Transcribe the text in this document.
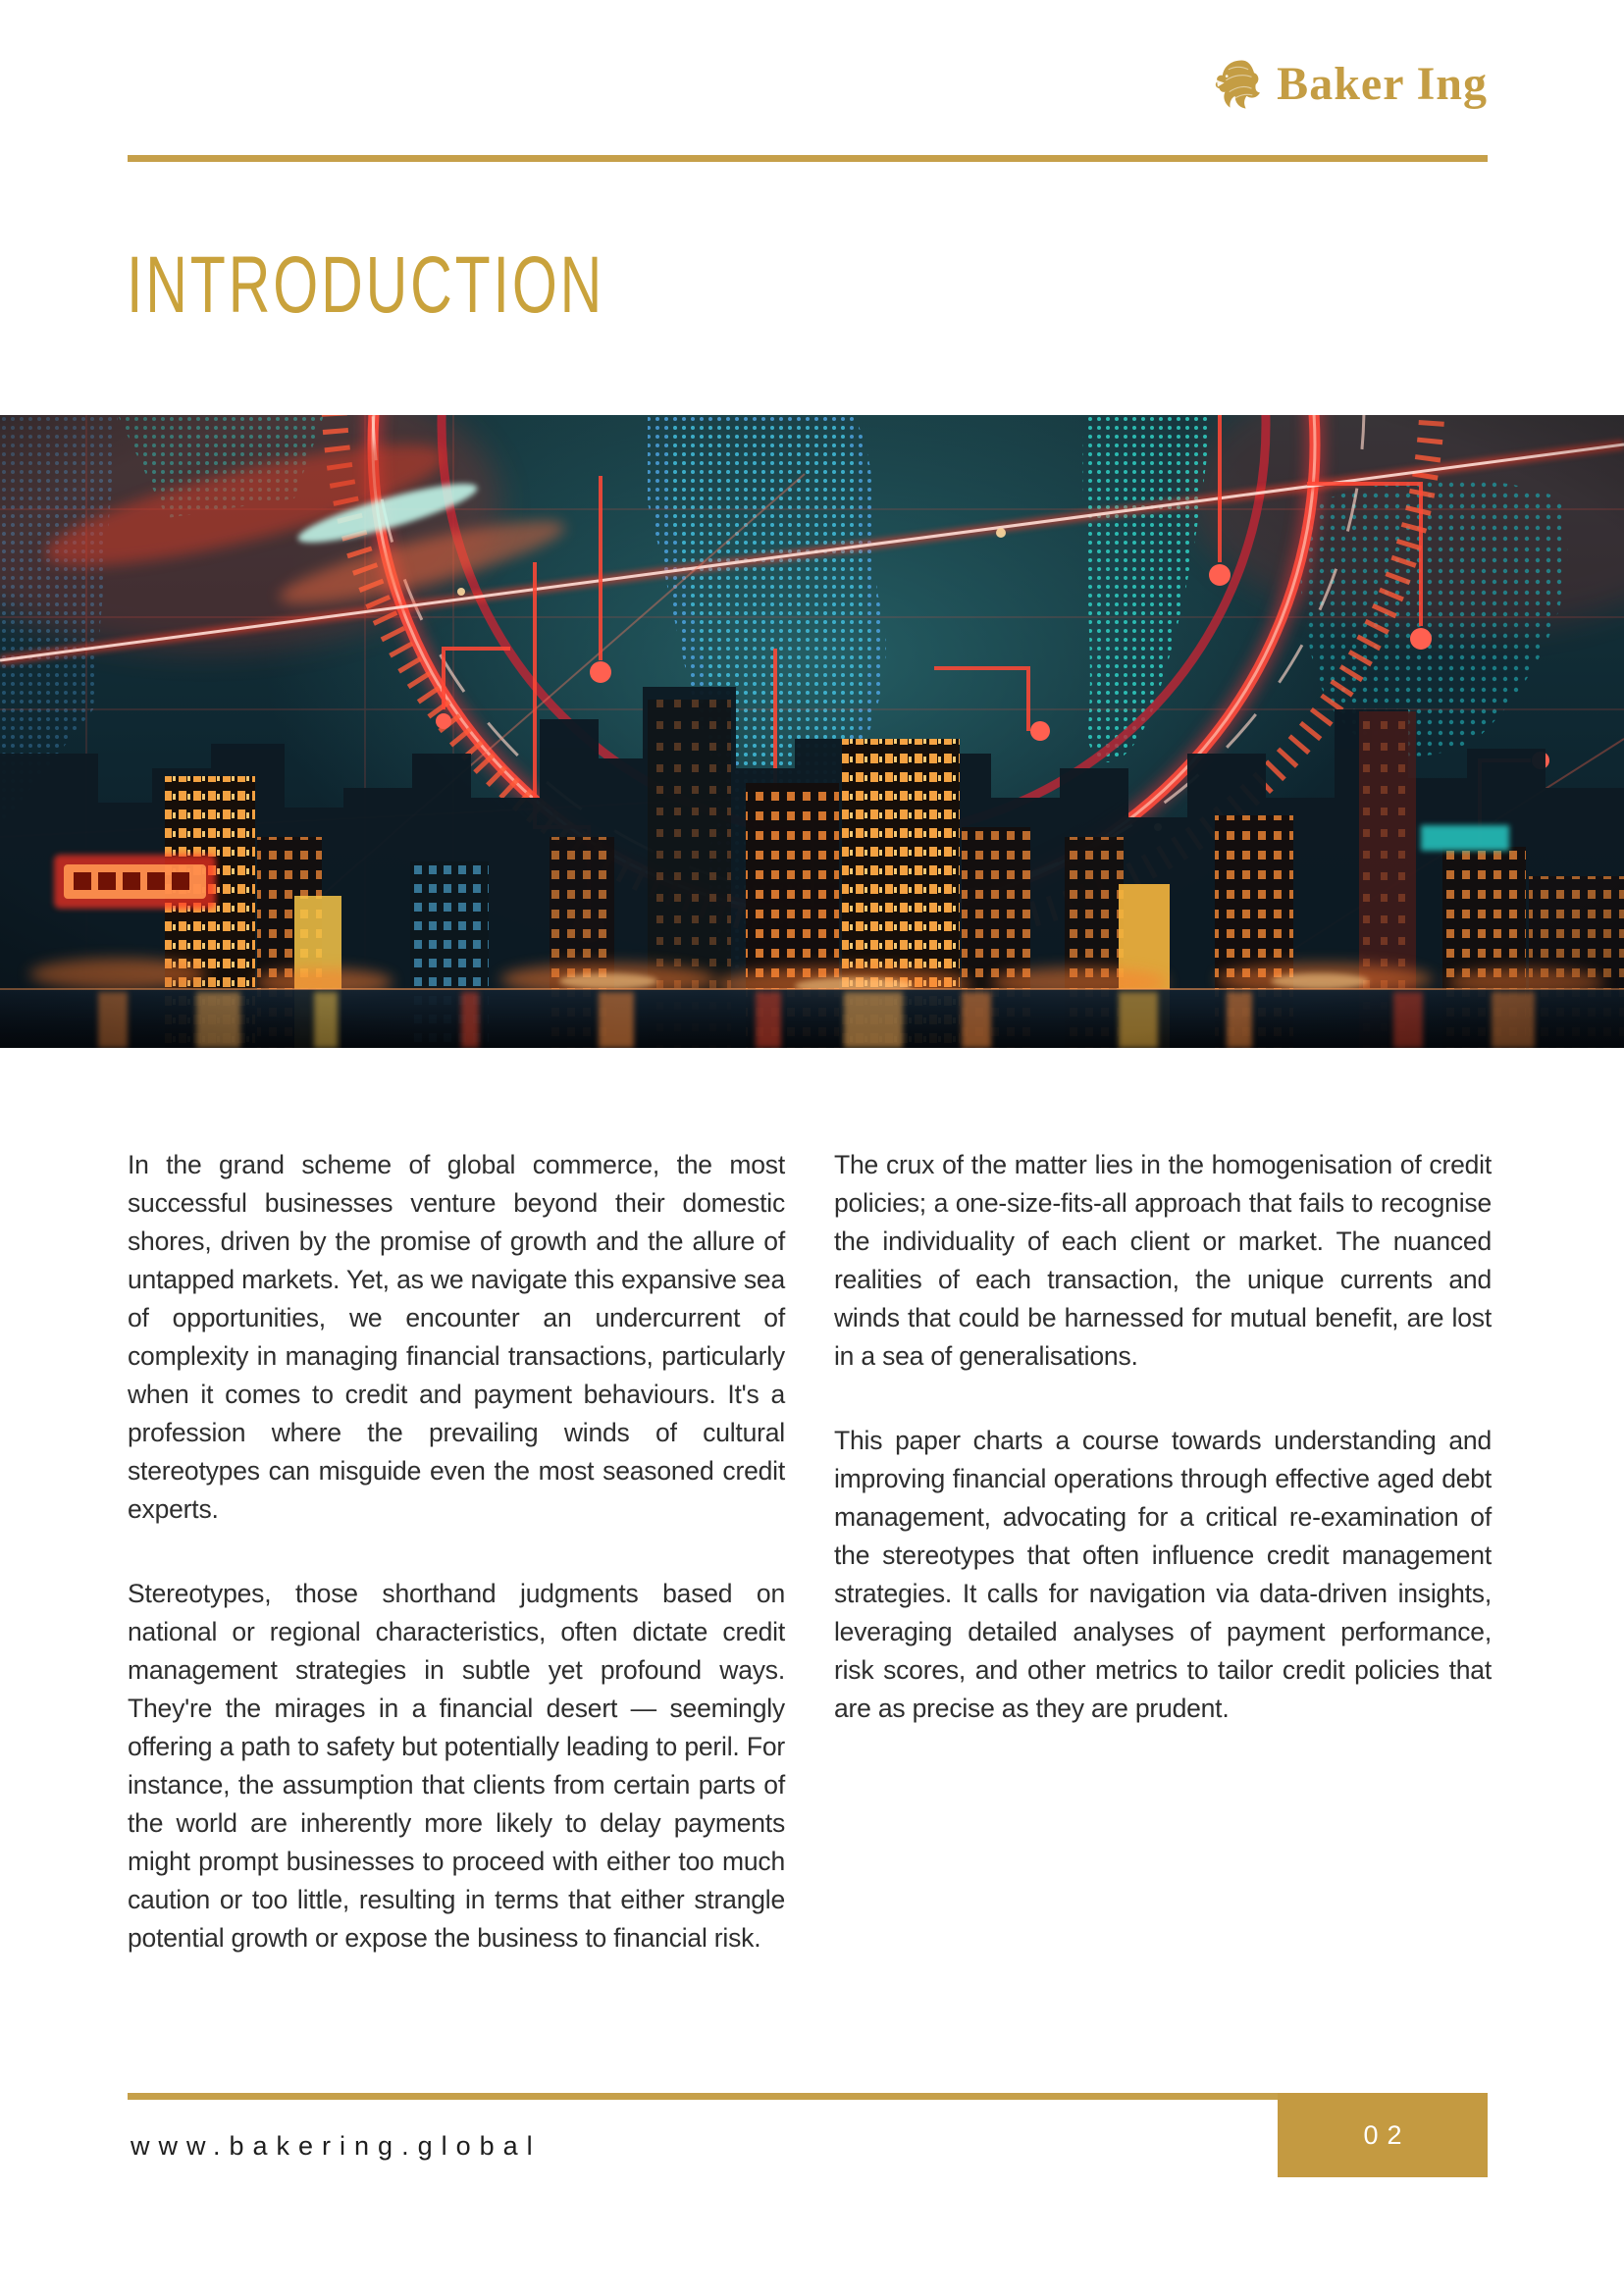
Baker Ing
INTRODUCTION

In the grand scheme of global commerce, the most successful businesses venture beyond their domestic shores, driven by the promise of growth and the allure of untapped markets. Yet, as we navigate this expansive sea of opportunities, we encounter an undercurrent of complexity in managing financial transactions, particularly when it comes to credit and payment behaviours. It's a profession where the prevailing winds of cultural stereotypes can misguide even the most seasoned credit experts.

Stereotypes, those shorthand judgments based on national or regional characteristics, often dictate credit management strategies in subtle yet profound ways. They're the mirages in a financial desert — seemingly offering a path to safety but potentially leading to peril. For instance, the assumption that clients from certain parts of the world are inherently more likely to delay payments might prompt businesses to proceed with either too much caution or too little, resulting in terms that either strangle potential growth or expose the business to financial risk.

The crux of the matter lies in the homogenisation of credit policies; a one-size-fits-all approach that fails to recognise the individuality of each client or market. The nuanced realities of each transaction, the unique currents and winds that could be harnessed for mutual benefit, are lost in a sea of generalisations.

This paper charts a course towards understanding and improving financial operations through effective aged debt management, advocating for a critical re-examination of the stereotypes that often influence credit management strategies. It calls for navigation via data-driven insights, leveraging detailed analyses of payment performance, risk scores, and other metrics to tailor credit policies that are as precise as they are prudent.

www.bakering.global	02
